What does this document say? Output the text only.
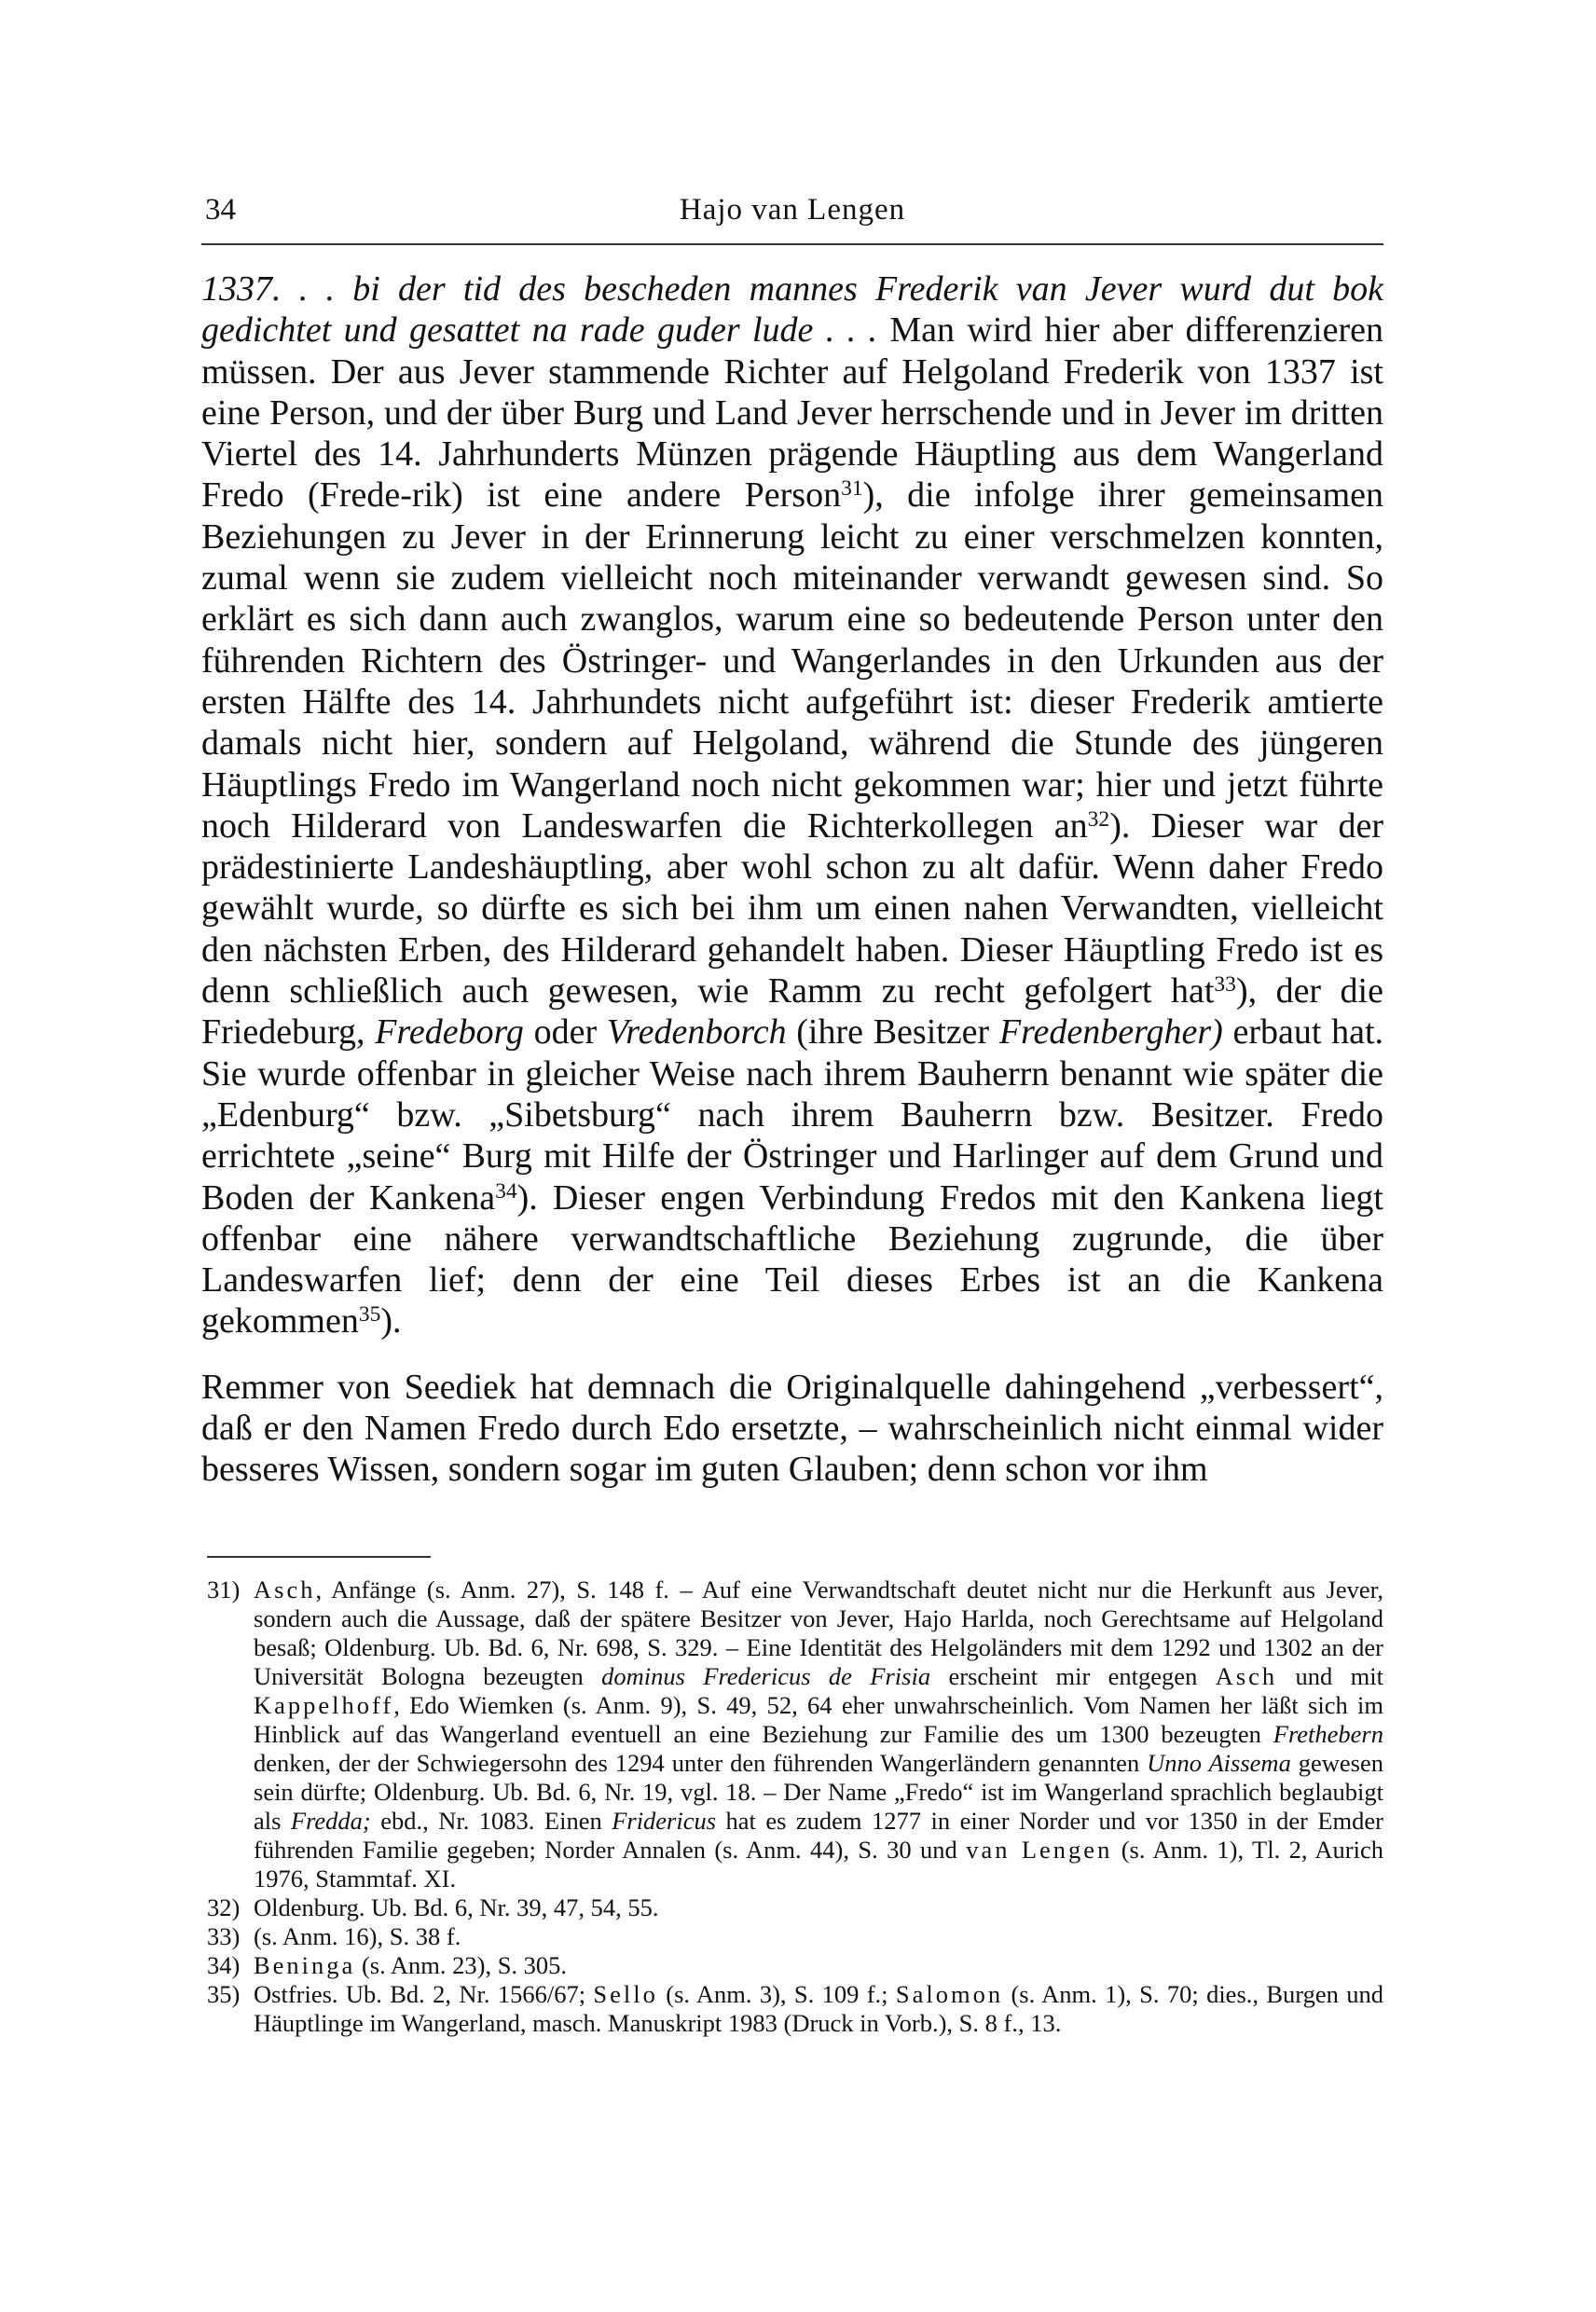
34	Hajo van Lengen

1337. . . bi der tid des bescheden mannes Frederik van Jever wurd dut bok gedichtet und gesattet na rade guder lude . . . Man wird hier aber differenzieren müssen. Der aus Jever stammende Richter auf Helgoland Frederik von 1337 ist eine Person, und der über Burg und Land Jever herrschende und in Jever im dritten Viertel des 14. Jahrhunderts Münzen prägende Häuptling aus dem Wangerland Fredo (Frede-rik) ist eine andere Person$^{31}$), die infolge ihrer gemeinsamen Beziehungen zu Jever in der Erinnerung leicht zu einer verschmelzen konnten, zumal wenn sie zudem vielleicht noch miteinander verwandt gewesen sind. So erklärt es sich dann auch zwanglos, warum eine so bedeutende Person unter den führenden Richtern des Östringer- und Wangerlandes in den Urkunden aus der ersten Hälfte des 14. Jahrhundets nicht aufgeführt ist: dieser Frederik amtierte damals nicht hier, sondern auf Helgoland, während die Stunde des jüngeren Häuptlings Fredo im Wangerland noch nicht gekommen war; hier und jetzt führte noch Hilderard von Landeswarfen die Richterkollegen $an^{32}$). Dieser war der prädestinierte Landeshäuptling, aber wohl schon zu alt dafür. Wenn daher Fredo gewählt wurde, so dürfte es sich bei ihm um einen nahen Verwandten, vielleicht den nächsten Erben, des Hilderard gehandelt haben. Dieser Häuptling Fredo ist es denn schließlich auch gewesen, wie Ramm zu recht gefolgert hat$^{33}$), der die Friedeburg, Fredeborg oder Vredenborch (ihre Besitzer Fredenbergher) erbaut hat. Sie wurde offenbar in gleicher Weise nach ihrem Bauherrn benannt wie später die „Edenburg“ bzw. „Sibetsburg“ nach ihrem Bauherrn bzw. Besitzer. Fredo errichtete „seine“ Burg mit Hilfe der Östringer und Harlinger auf dem Grund und Boden der Kankena$^{34}$). Dieser engen Verbindung Fredos mit den Kankena liegt offenbar eine nähere verwandtschaftliche Beziehung zugrunde, die über Landeswarfen lief; denn der eine Teil dieses Erbes ist an die Kankena gekommen$^{35}$).

Remmer von Seediek hat demnach die Originalquelle dahingehend „verbessert“, daß er den Namen Fredo durch Edo ersetzte, – wahrscheinlich nicht einmal wider besseres Wissen, sondern sogar im guten Glauben; denn schon vor ihm

31) Asch, Anfänge (s. Anm. 27), S. 148 f. – Auf eine Verwandtschaft deutet nicht nur die Herkunft aus Jever, sondern auch die Aussage, daß der spätere Besitzer von Jever, Hajo Harlda, noch Gerechtsame auf Helgoland besaß; Oldenburg. Ub. Bd. 6, Nr. 698, S. 329. – Eine Identität des Helgoländers mit dem 1292 und 1302 an der Universität Bologna bezeugten dominus Fredericus de Frisia erscheint mir entgegen Asch und mit Kappelhoff, Edo Wiemken (s. Anm. 9), S. 49, 52, 64 eher unwahrscheinlich. Vom Namen her läßt sich im Hinblick auf das Wangerland eventuell an eine Beziehung zur Familie des um 1300 bezeugten Frethebern denken, der der Schwiegersohn des 1294 unter den führenden Wangerländern genannten Unno Aissema gewesen sein dürfte; Oldenburg. Ub. Bd. 6, Nr. 19, vgl. 18. – Der Name „Fredo“ ist im Wangerland sprachlich beglaubigt als Fredda; ebd., Nr. 1083. Einen Fridericus hat es zudem 1277 in einer Norder und vor 1350 in der Emder führenden Familie gegeben; Norder Annalen (s. Anm. 44), S. 30 und van Lengen (s. Anm. 1), Tl. 2, Aurich 1976, Stammtaf. XI.

32) Oldenburg. Ub. Bd. 6, Nr. 39, 47, 54, 55.

33) (s. Anm. 16), S. 38 f.

34) Beninga (s. Anm. 23), S. 305.

35) Ostfries. Ub. Bd. 2, Nr. 1566/67; Sello (s. Anm. 3), S. 109 f.; Salomon (s. Anm. 1), S. 70; dies., Burgen und Häuptlinge im Wangerland, masch. Manuskript 1983 (Druck in Vorb.), S. 8 f., 13.
